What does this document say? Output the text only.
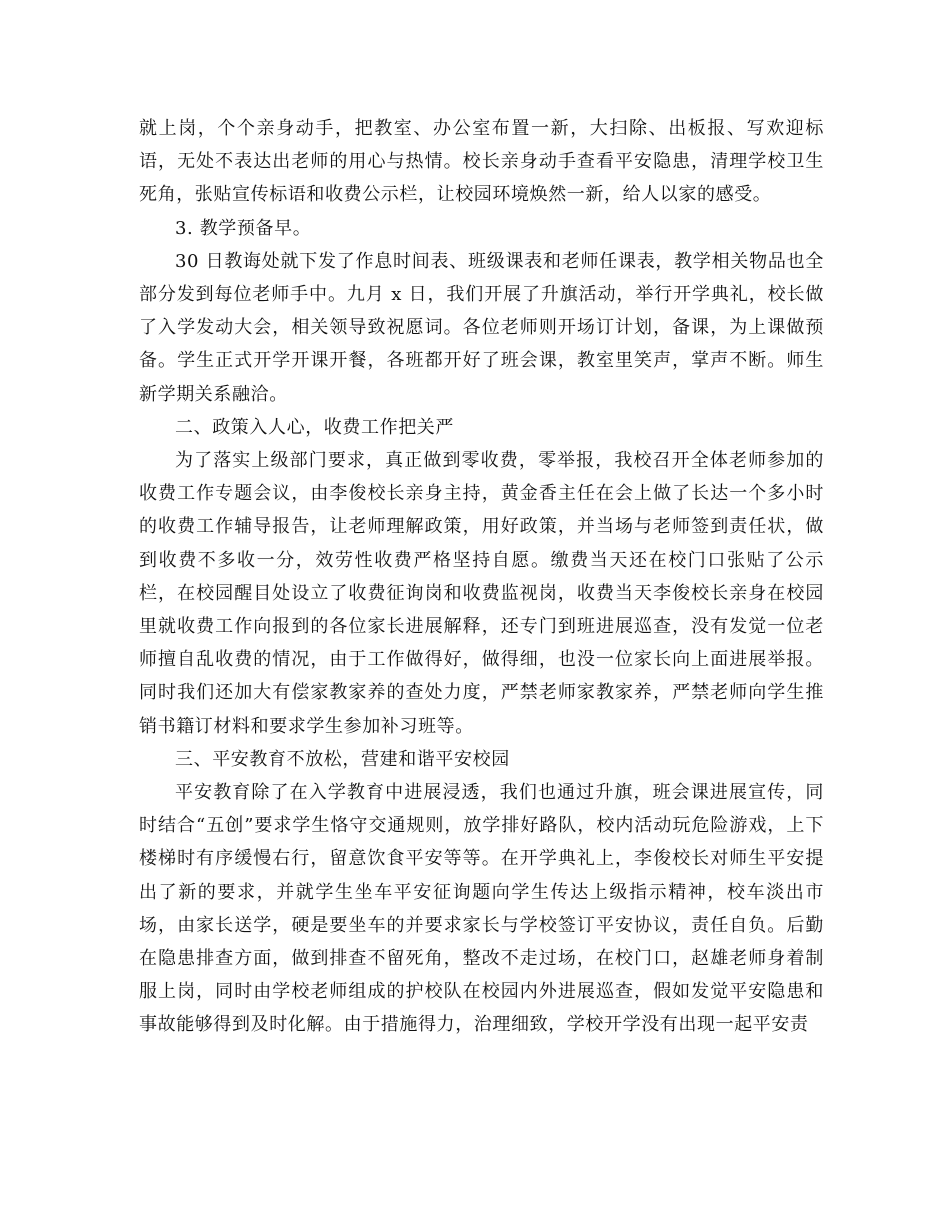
就上岗，个个亲身动手，把教室、办公室布置一新，大扫除、出板报、写欢迎标语，无处不表达出老师的用心与热情。校长亲身动手查看平安隐患，清理学校卫生死角，张贴宣传标语和收费公示栏，让校园环境焕然一新，给人以家的感受。

3. 教学预备早。

30 日教诲处就下发了作息时间表、班级课表和老师任课表，教学相关物品也全部分发到每位老师手中。九月 x 日，我们开展了升旗活动，举行开学典礼，校长做了入学发动大会，相关领导致祝愿词。各位老师则开场订计划，备课，为上课做预备。学生正式开学开课开餐，各班都开好了班会课，教室里笑声，掌声不断。师生新学期关系融洽。

二、政策入人心，收费工作把关严

为了落实上级部门要求，真正做到零收费，零举报，我校召开全体老师参加的收费工作专题会议，由李俊校长亲身主持，黄金香主任在会上做了长达一个多小时的收费工作辅导报告，让老师理解政策，用好政策，并当场与老师签到责任状，做到收费不多收一分，效劳性收费严格坚持自愿。缴费当天还在校门口张贴了公示栏，在校园醒目处设立了收费征询岗和收费监视岗，收费当天李俊校长亲身在校园里就收费工作向报到的各位家长进展解释，还专门到班进展巡查，没有发觉一位老师擅自乱收费的情况，由于工作做得好，做得细，也没一位家长向上面进展举报。同时我们还加大有偿家教家养的查处力度，严禁老师家教家养，严禁老师向学生推销书籍订材料和要求学生参加补习班等。

三、平安教育不放松，营建和谐平安校园

平安教育除了在入学教育中进展浸透，我们也通过升旗，班会课进展宣传，同时结合“五创”要求学生恪守交通规则，放学排好路队，校内活动玩危险游戏，上下楼梯时有序缓慢右行，留意饮食平安等等。在开学典礼上，李俊校长对师生平安提出了新的要求，并就学生坐车平安征询题向学生传达上级指示精神，校车淡出市场，由家长送学，硬是要坐车的并要求家长与学校签订平安协议，责任自负。后勤在隐患排查方面，做到排查不留死角，整改不走过场，在校门口，赵雄老师身着制服上岗，同时由学校老师组成的护校队在校园内外进展巡查，假如发觉平安隐患和事故能够得到及时化解。由于措施得力，治理细致，学校开学没有出现一起平安责
